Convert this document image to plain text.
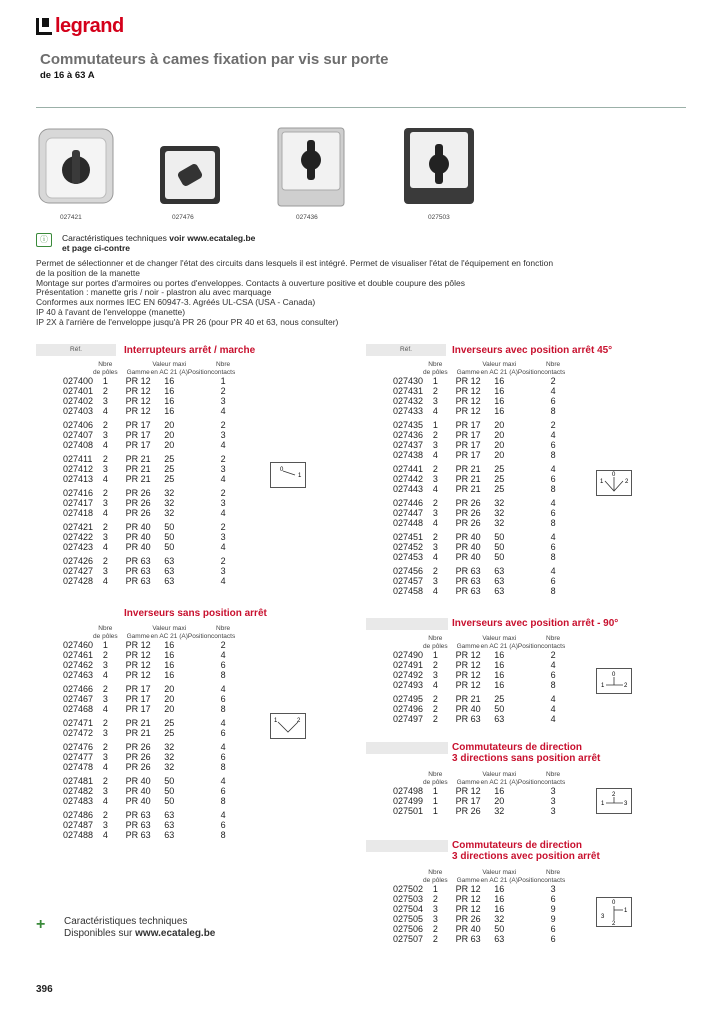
legrand
Commutateurs à cames fixation par vis sur porte
de 16 à 63 A
027421	027476	027436	027503
ⓘ	Caractéristiques techniques voir www.ecataleg.be
et page ci-contre
Permet de sélectionner et de changer l'état des circuits dans lesquels il est intégré. Permet de visualiser l'état de l'équipement en fonction
de la position de la manette
Montage sur portes d'armoires ou portes d'enveloppes. Contacts à ouverture positive et double coupure des pôles
Présentation : manette gris / noir - plastron alu avec marquage
Conformes aux normes IEC EN 60947-3. Agréés UL-CSA (USA - Canada)
IP 40 à l'avant de l'enveloppe (manette)
IP 2X à l'arrière de l'enveloppe jusqu'à PR 26 (pour PR 40 et 63, nous consulter)
Réf.	Interrupteurs arrêt / marche
	Nbre		Valeur maxi		Nbre
	de pôles	Gamme	en AC 21 (A)	Position	contacts
027400	1	PR 12	16		1
027401	2	PR 12	16		2
027402	3	PR 12	16		3
027403	4	PR 12	16		4

027406	2	PR 17	20		2
027407	3	PR 17	20		3
027408	4	PR 17	20		4

027411	2	PR 21	25		2
027412	3	PR 21	25		3
027413	4	PR 21	25		4

027416	2	PR 26	32		2
027417	3	PR 26	32		3
027418	4	PR 26	32		4

027421	2	PR 40	50		2
027422	3	PR 40	50		3
027423	4	PR 40	50		4

027426	2	PR 63	63		2
027427	3	PR 63	63		3
027428	4	PR 63	63		4
Inverseurs sans position arrêt
	Nbre		Valeur maxi		Nbre
	de pôles	Gamme	en AC 21 (A)	Position	contacts
027460	1	PR 12	16		2
027461	2	PR 12	16		4
027462	3	PR 12	16		6
027463	4	PR 12	16		8

027466	2	PR 17	20		4
027467	3	PR 17	20		6
027468	4	PR 17	20		8

027471	2	PR 21	25		4
027472	3	PR 21	25		6

027476	2	PR 26	32		4
027477	3	PR 26	32		6
027478	4	PR 26	32		8

027481	2	PR 40	50		4
027482	3	PR 40	50		6
027483	4	PR 40	50		8

027486	2	PR 63	63		4
027487	3	PR 63	63		6
027488	4	PR 63	63		8
Réf.	Inverseurs avec position arrêt 45°
	Nbre		Valeur maxi		Nbre
	de pôles	Gamme	en AC 21 (A)	Position	contacts
027430	1	PR 12	16		2
027431	2	PR 12	16		4
027432	3	PR 12	16		6
027433	4	PR 12	16		8

027435	1	PR 17	20		2
027436	2	PR 17	20		4
027437	3	PR 17	20		6
027438	4	PR 17	20		8

027441	2	PR 21	25		4
027442	3	PR 21	25		6
027443	4	PR 21	25		8

027446	2	PR 26	32		4
027447	3	PR 26	32		6
027448	4	PR 26	32		8

027451	2	PR 40	50		4
027452	3	PR 40	50		6
027453	4	PR 40	50		8

027456	2	PR 63	63		4
027457	3	PR 63	63		6
027458	4	PR 63	63		8
Inverseurs avec position arrêt - 90°
	Nbre		Valeur maxi		Nbre
	de pôles	Gamme	en AC 21 (A)	Position	contacts
027490	1	PR 12	16		2
027491	2	PR 12	16		4
027492	3	PR 12	16		6
027493	4	PR 12	16		8

027495	2	PR 21	25		4
027496	2	PR 40	50		4
027497	2	PR 63	63		4
Commutateurs de direction
3 directions sans position arrêt
	Nbre		Valeur maxi		Nbre
	de pôles	Gamme	en AC 21 (A)	Position	contacts
027498	1	PR 12	16		3
027499	1	PR 17	20		3
027501	1	PR 26	32		3
Commutateurs de direction
3 directions avec position arrêt
	Nbre		Valeur maxi		Nbre
	de pôles	Gamme	en AC 21 (A)	Position	contacts
027502	1	PR 12	16		3
027503	2	PR 12	16		6
027504	3	PR 12	16		9
027505	3	PR 26	32		9
027506	2	PR 40	50		6
027507	2	PR 63	63		6
0
1
1	2
1
0
2
0
1	2
2
1	3
0
1
3
2
+	Caractéristiques techniques
Disponibles sur www.ecataleg.be
396
